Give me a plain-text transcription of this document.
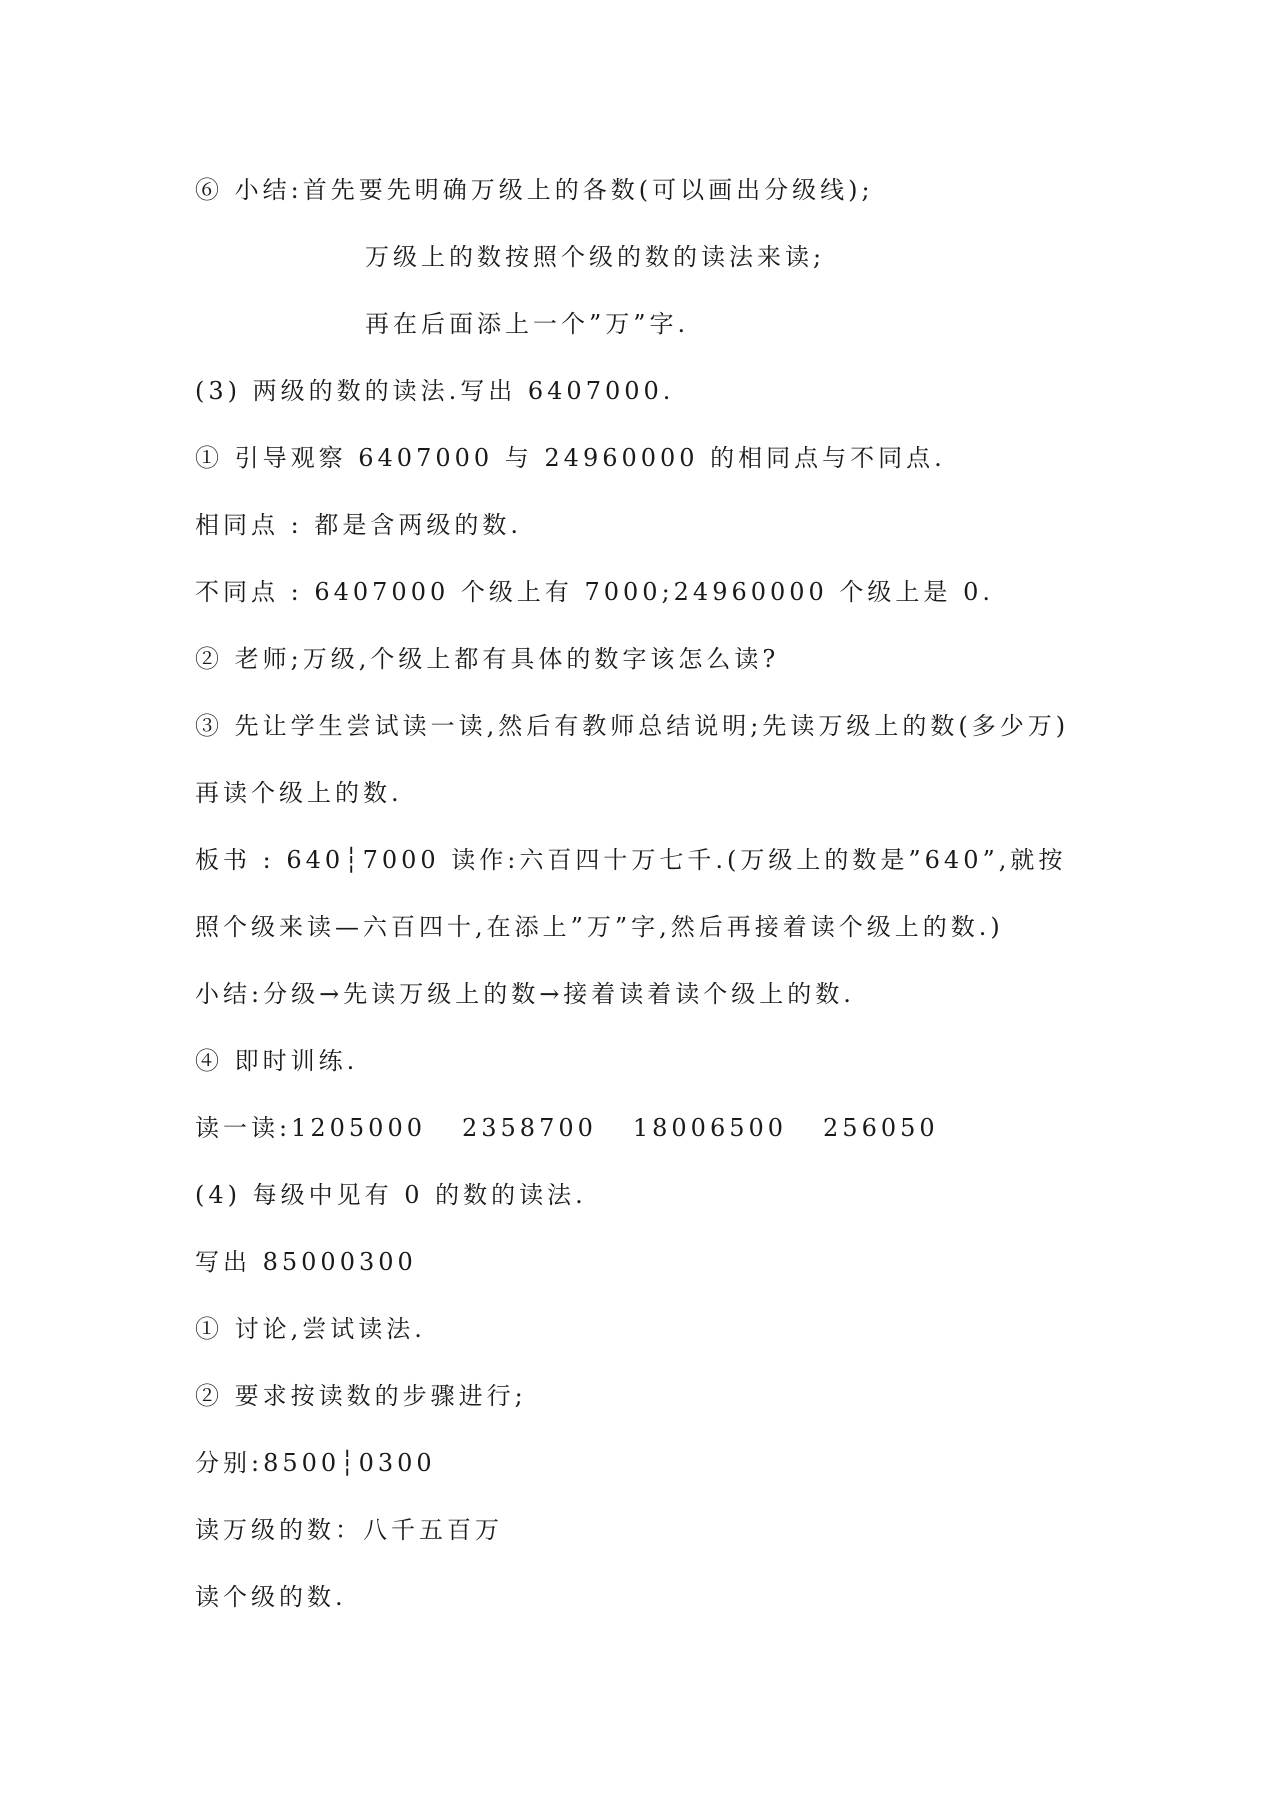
⑥ 小结:首先要先明确万级上的各数(可以画出分级线);
万级上的数按照个级的数的读法来读;
再在后面添上一个”万”字.
(3) 两级的数的读法.写出 6407000.
① 引导观察 6407000 与 24960000 的相同点与不同点.
相同点 : 都是含两级的数.
不同点 : 6407000 个级上有 7000;24960000 个级上是 0.
② 老师;万级,个级上都有具体的数字该怎么读?
③ 先让学生尝试读一读,然后有教师总结说明;先读万级上的数(多少万)
再读个级上的数.
板书 : 640┆7000 读作:六百四十万七千.(万级上的数是”640”,就按
照个级来读—六百四十,在添上”万”字,然后再接着读个级上的数.)
小结:分级→先读万级上的数→接着读着读个级上的数.
④ 即时训练.
读一读:1205000 2358700 18006500 256050
(4) 每级中见有 0 的数的读法.
写出 85000300
① 讨论,尝试读法.
② 要求按读数的步骤进行;
分别:8500┆0300
读万级的数：八千五百万
读个级的数.
